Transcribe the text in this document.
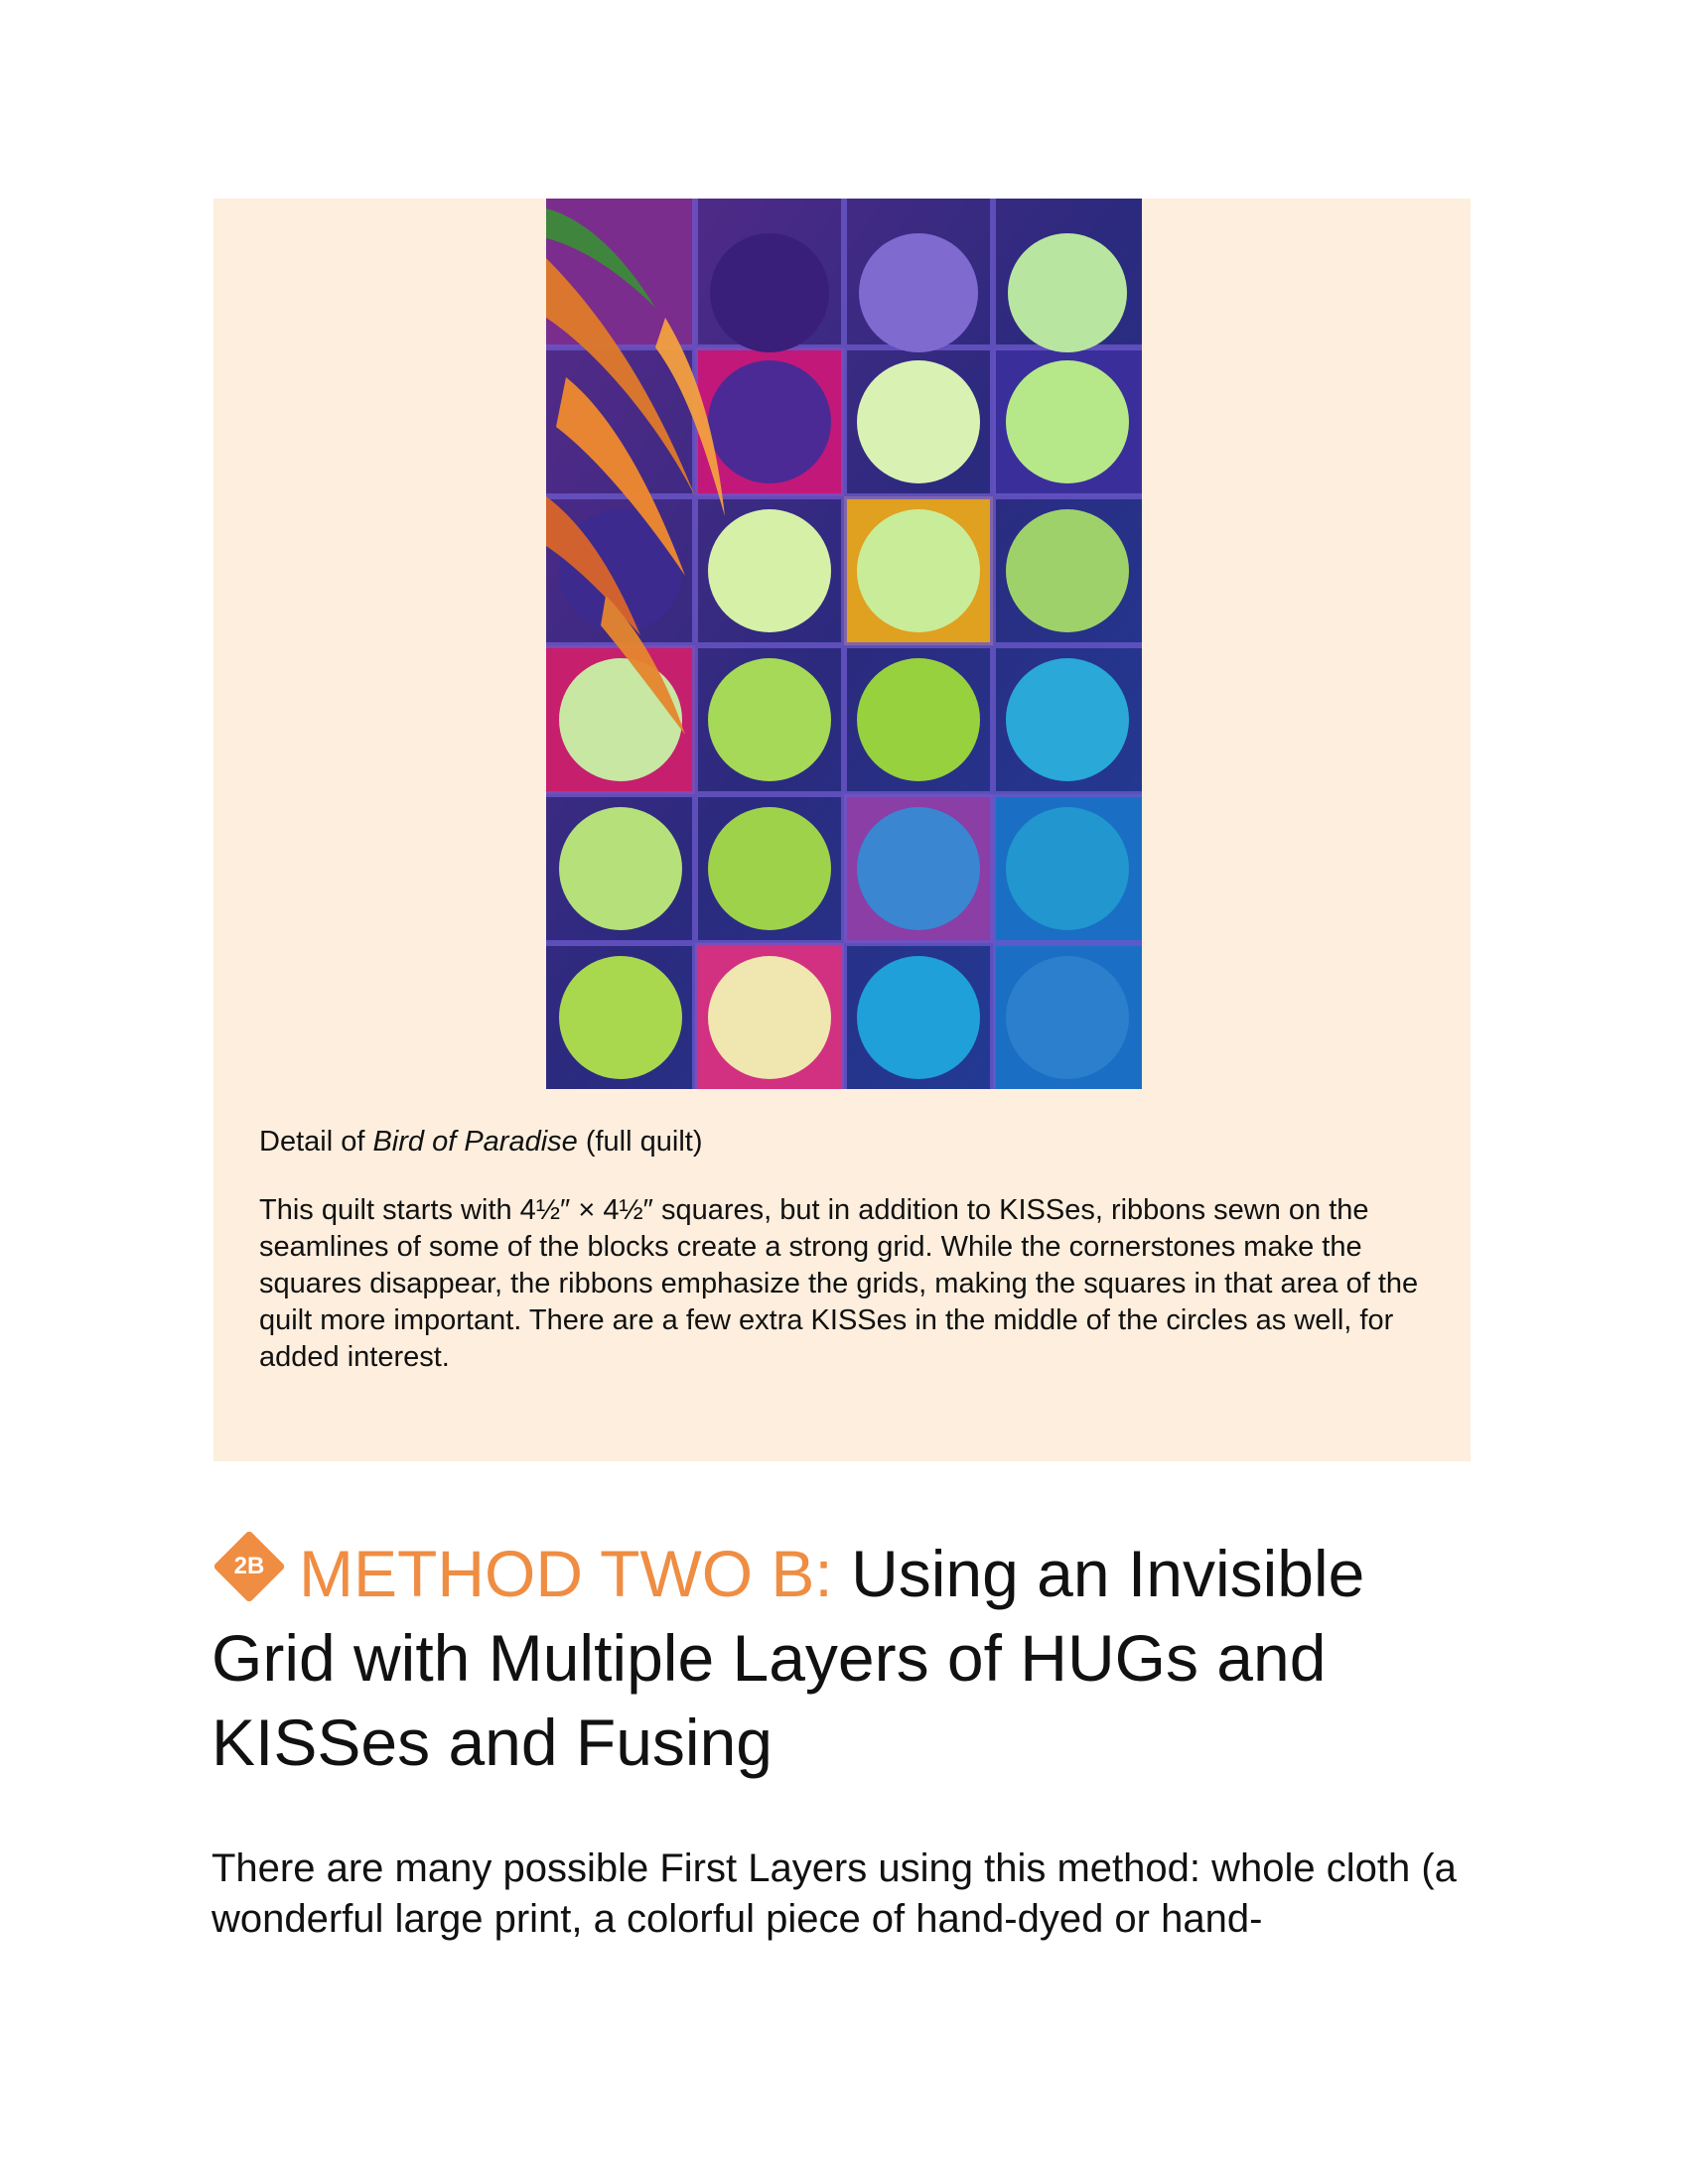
Detail of Bird of Paradise (full quilt)
This quilt starts with 4½″ × 4½″ squares, but in addition to KISSes, ribbons sewn on the seamlines of some of the blocks create a strong grid. While the cornerstones make the squares disappear, the ribbons emphasize the grids, making the squares in that area of the quilt more important. There are a few extra KISSes in the middle of the circles as well, for added interest.
2B METHOD TWO B: Using an Invisible Grid with Multiple Layers of HUGs and KISSes and Fusing
There are many possible First Layers using this method: whole cloth (a wonderful large print, a colorful piece of hand-dyed or hand-
